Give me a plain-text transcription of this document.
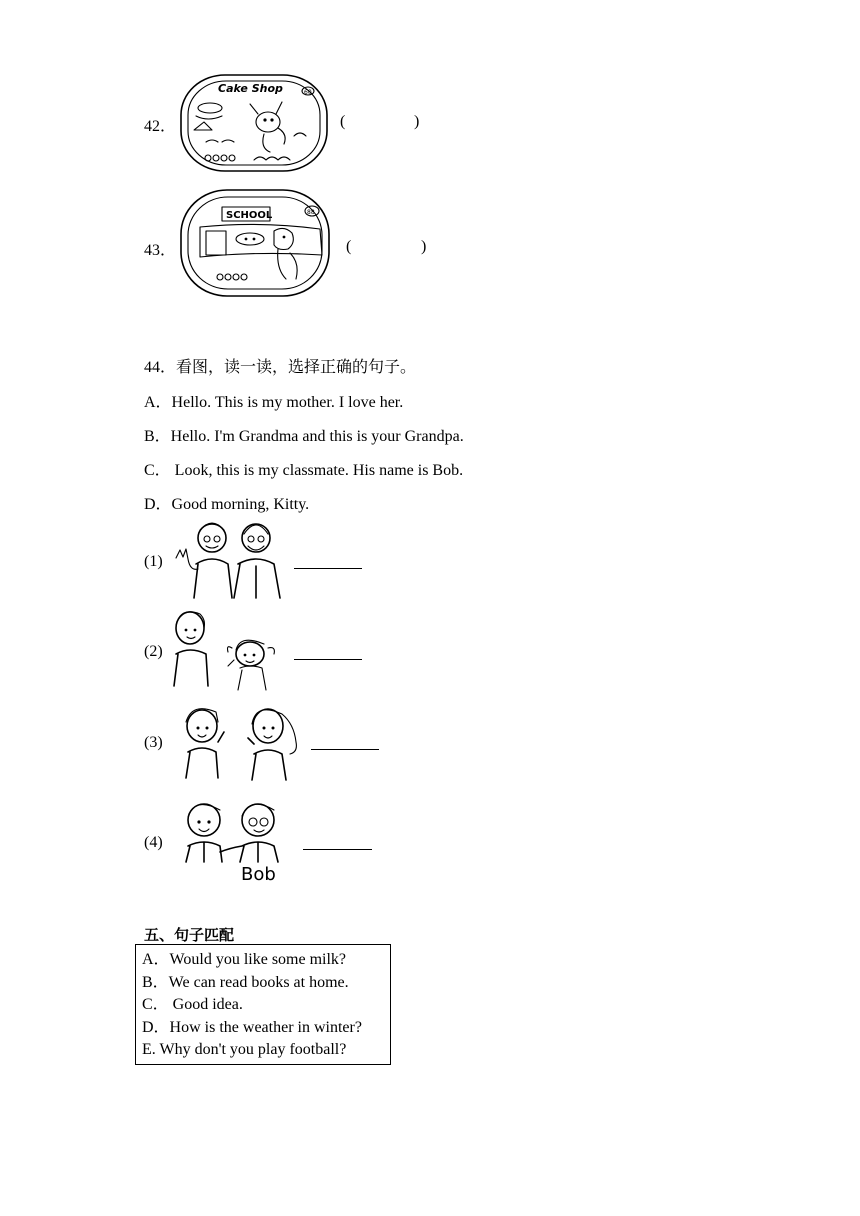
42．
Cake Shop	60
(	)
43．
SCHOOL	88
(	)
44．看图，读一读，选择正确的句子。
A．Hello. This is my mother. I love her.
B．Hello. I'm Grandma and this is your Grandpa.
C． Look, this is my classmate. His name is Bob.
D．Good morning, Kitty.
(1)
(2)
(3)
(4)
Bob
五、句子匹配
A．Would you like some milk?
B．We can read books at home.
C． Good idea.
D．How is the weather in winter?
E. Why don't you play football?
